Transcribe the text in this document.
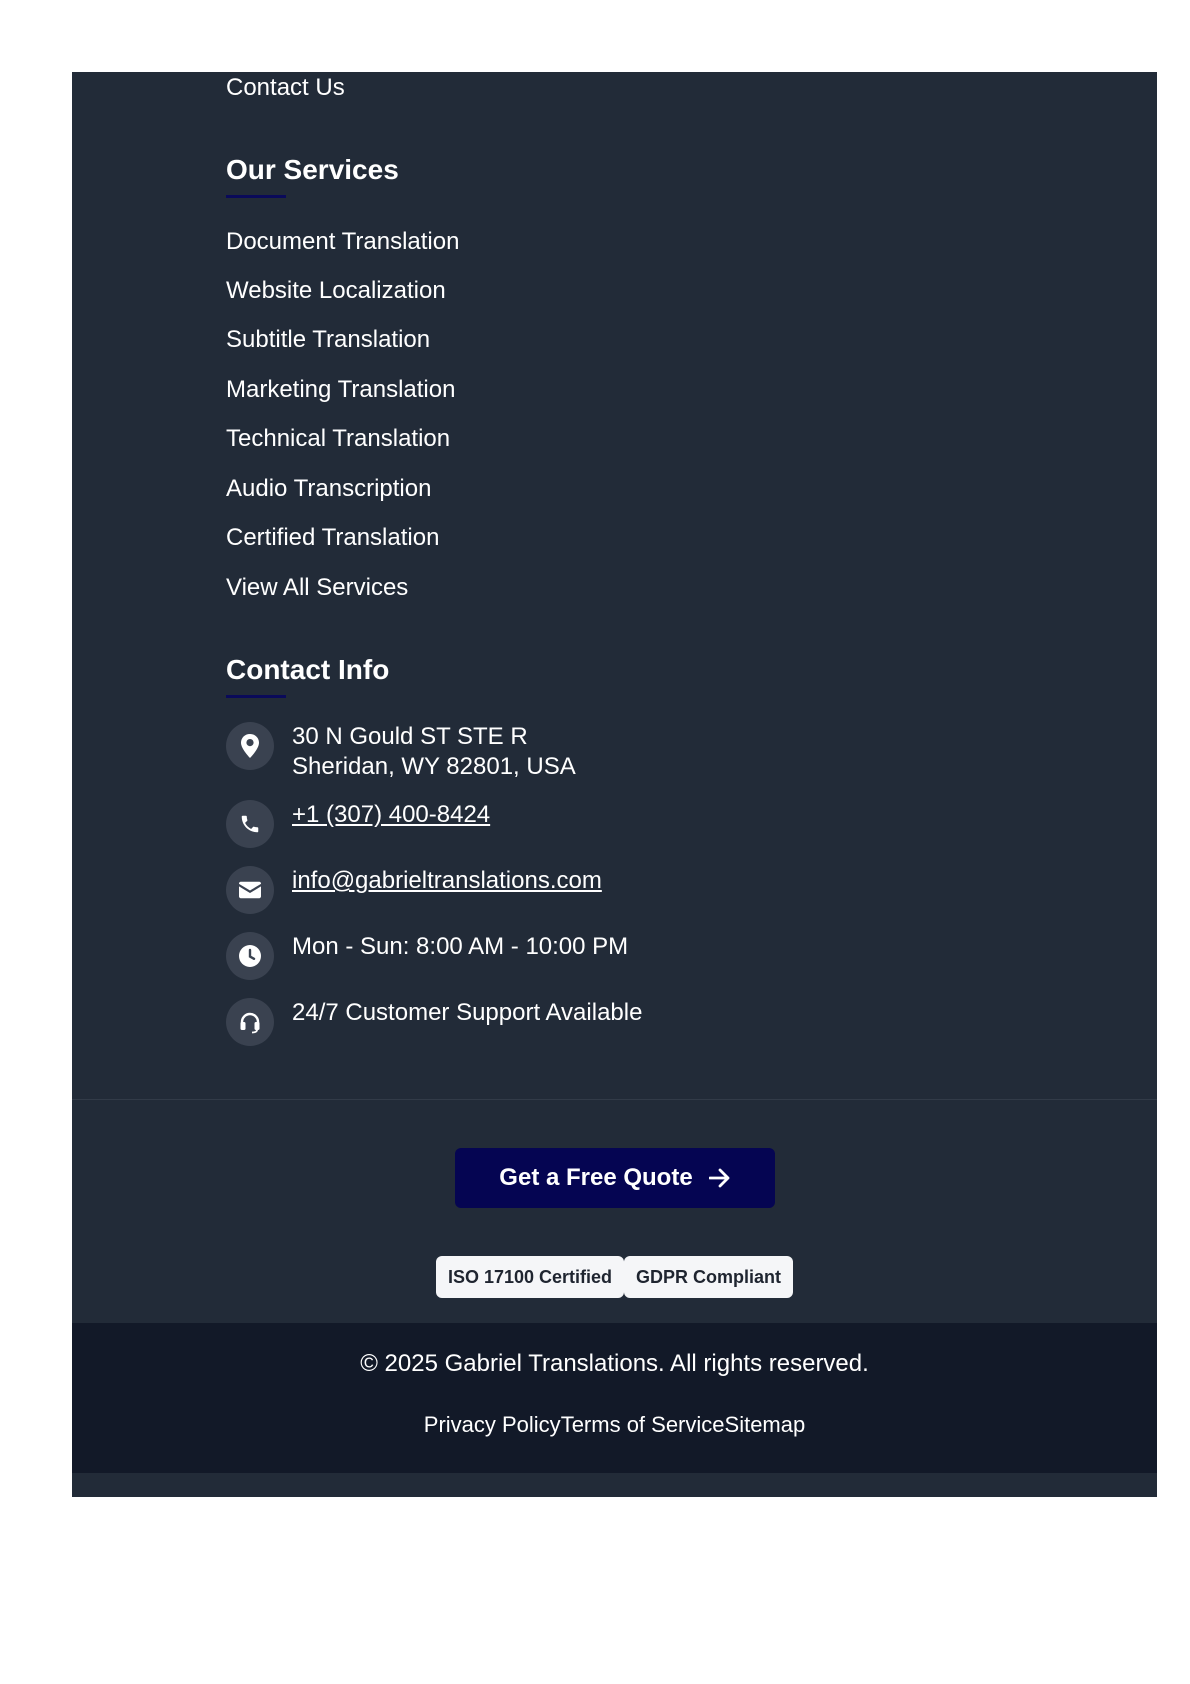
Contact Us
Our Services
Document Translation
Website Localization
Subtitle Translation
Marketing Translation
Technical Translation
Audio Transcription
Certified Translation
View All Services
Contact Info
30 N Gould ST STE R
Sheridan, WY 82801, USA
+1 (307) 400-8424
info@gabrieltranslations.com
Mon - Sun: 8:00 AM - 10:00 PM
24/7 Customer Support Available
Get a Free Quote
ISO 17100 Certified	GDPR Compliant
© 2025 Gabriel Translations. All rights reserved.
Privacy Policy Terms of Service Sitemap
